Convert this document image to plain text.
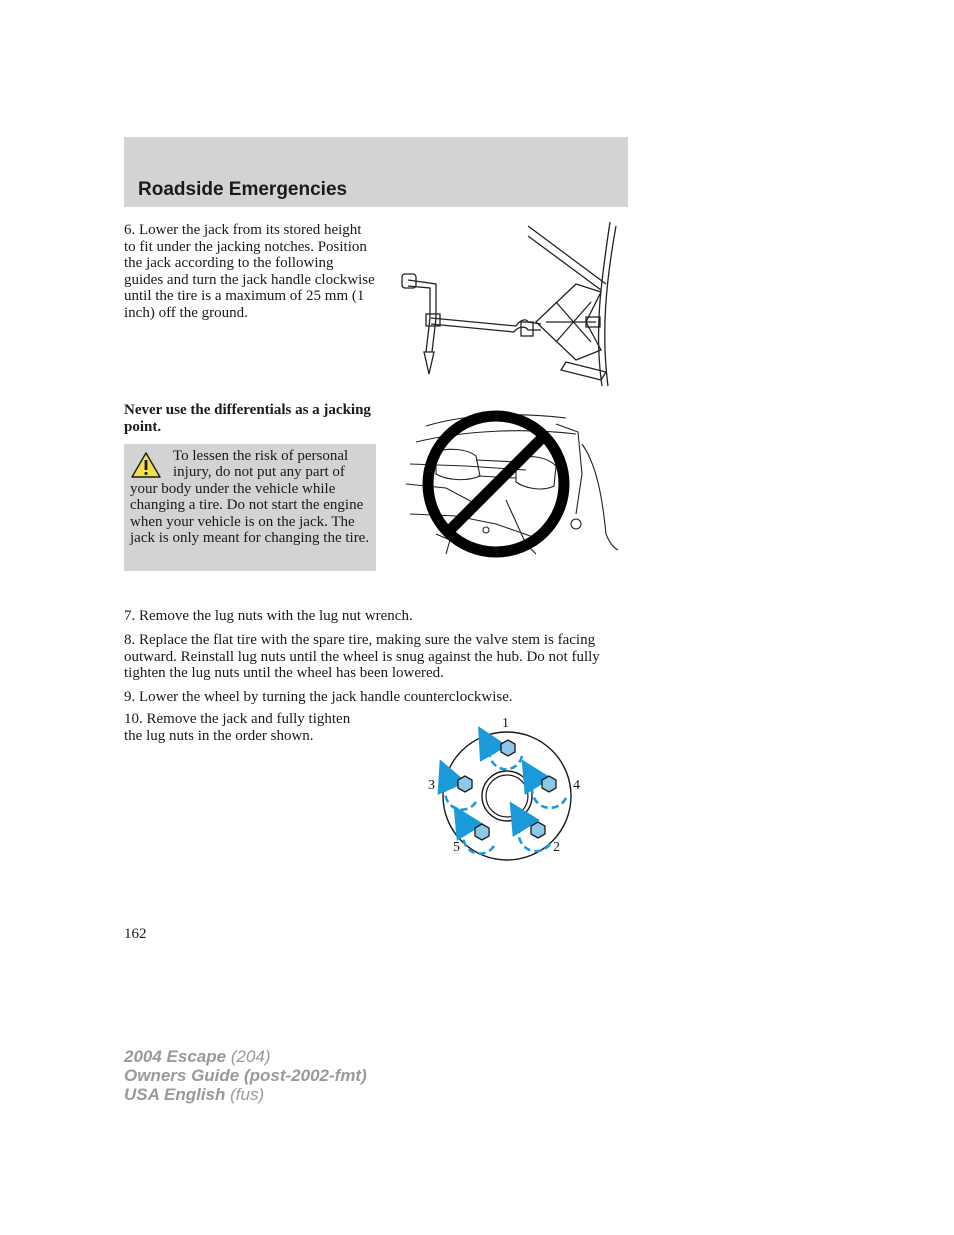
Roadside Emergencies
6. Lower the jack from its stored height to fit under the jacking notches. Position the jack according to the following guides and turn the jack handle clockwise until the tire is a maximum of 25 mm (1 inch) off the ground.
Never use the differentials as a jacking point.
To lessen the risk of personal injury, do not put any part of your body under the vehicle while changing a tire. Do not start the engine when your vehicle is on the jack. The jack is only meant for changing the tire.
7. Remove the lug nuts with the lug nut wrench.
8. Replace the flat tire with the spare tire, making sure the valve stem is facing outward. Reinstall lug nuts until the wheel is snug against the hub. Do not fully tighten the lug nuts until the wheel has been lowered.
9. Lower the wheel by turning the jack handle counterclockwise.
10. Remove the jack and fully tighten the lug nuts in the order shown.
1
2
3	4
5
162
2004 Escape (204)
Owners Guide (post-2002-fmt)
USA English (fus)
